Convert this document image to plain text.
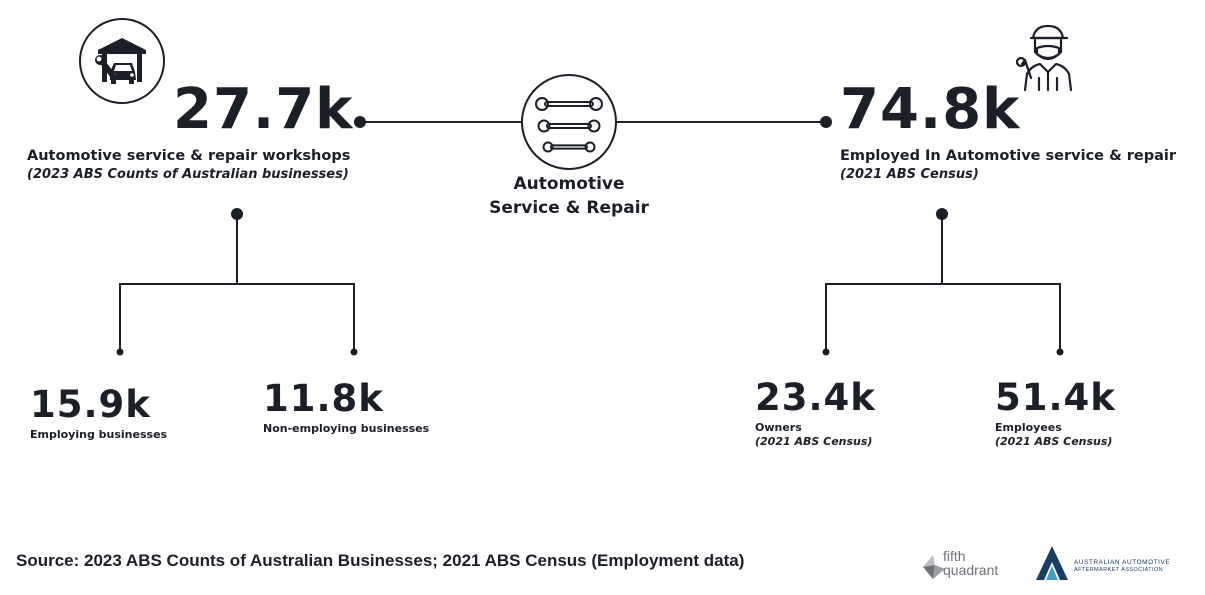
27.7k
Automotive service & repair workshops
(2023 ABS Counts of Australian businesses)	Automotive
Service & Repair
74.8k
Employed In Automotive service & repair
(2021 ABS Census)
15.9k
Employing businesses
11.8k
Non-employing businesses
23.4k
Owners
(2021 ABS Census)
51.4k
Employees
(2021 ABS Census)
Source: 2023 ABS Counts of Australian Businesses; 2021 ABS Census (Employment data)	fifth
quadrant	AUSTRALIAN AUTOMOTIVE
AFTERMARKET ASSOCIATION
